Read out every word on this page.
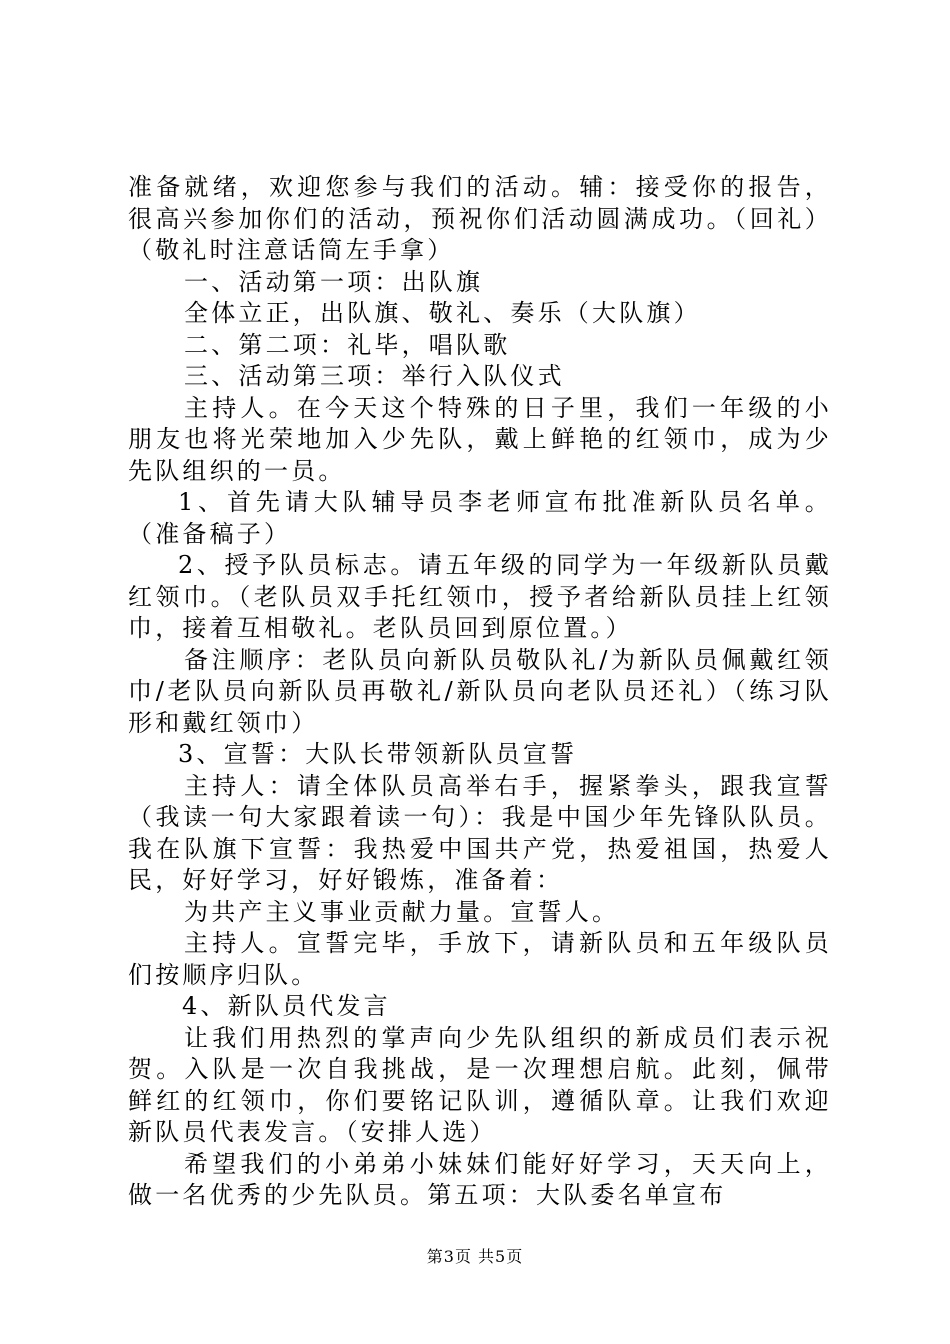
准备就绪，欢迎您参与我们的活动。辅：接受你的报告，很高兴参加你们的活动，预祝你们活动圆满成功。（回礼）（敬礼时注意话筒左手拿）

一、活动第一项：出队旗

全体立正，出队旗、敬礼、奏乐（大队旗）

二、第二项：礼毕，唱队歌

三、活动第三项：举行入队仪式

主持人。在今天这个特殊的日子里，我们一年级的小朋友也将光荣地加入少先队，戴上鲜艳的红领巾，成为少先队组织的一员。

1、首先请大队辅导员李老师宣布批准新队员名单。（准备稿子）

2、授予队员标志。请五年级的同学为一年级新队员戴红领巾。（老队员双手托红领巾，授予者给新队员挂上红领巾，接着互相敬礼。老队员回到原位置。）

备注顺序：老队员向新队员敬队礼/为新队员佩戴红领巾/老队员向新队员再敬礼/新队员向老队员还礼）（练习队形和戴红领巾）

3、宣誓：大队长带领新队员宣誓

主持人：请全体队员高举右手，握紧拳头，跟我宣誓（我读一句大家跟着读一句）：我是中国少年先锋队队员。我在队旗下宣誓：我热爱中国共产党，热爱祖国，热爱人民，好好学习，好好锻炼，准备着：

为共产主义事业贡献力量。宣誓人。

主持人。宣誓完毕，手放下，请新队员和五年级队员们按顺序归队。

4、新队员代发言

让我们用热烈的掌声向少先队组织的新成员们表示祝贺。入队是一次自我挑战，是一次理想启航。此刻，佩带鲜红的红领巾，你们要铭记队训，遵循队章。让我们欢迎新队员代表发言。（安排人选）

希望我们的小弟弟小妹妹们能好好学习，天天向上，做一名优秀的少先队员。第五项：大队委名单宣布

第3页 共5页
